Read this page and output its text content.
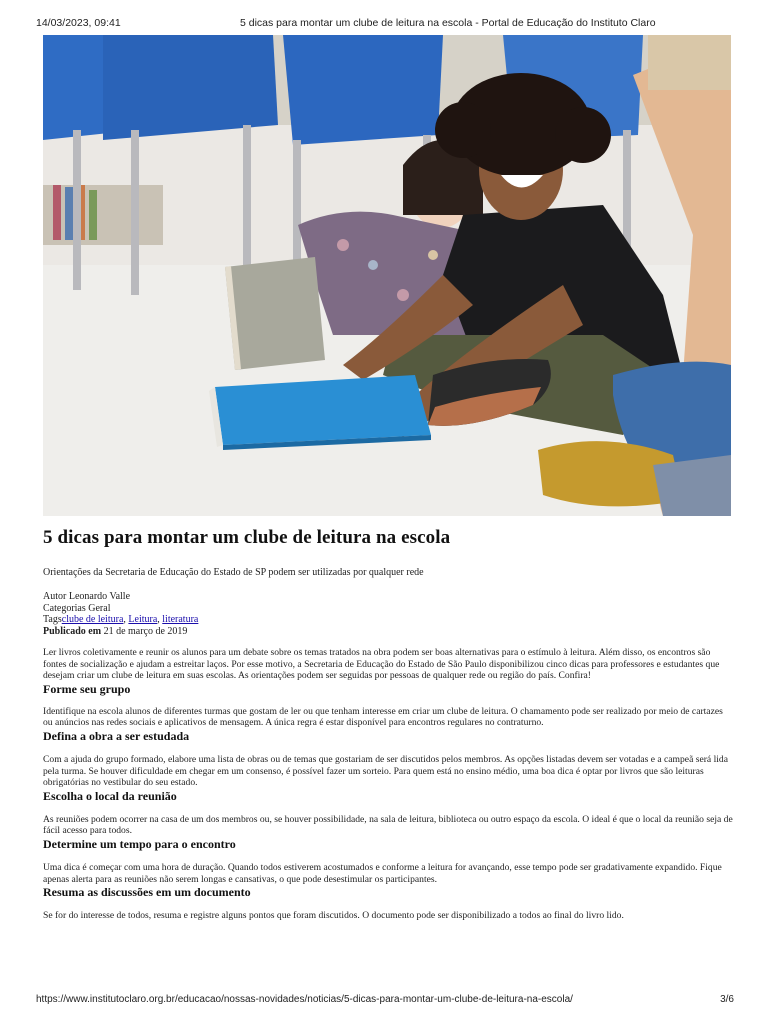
14/03/2023, 09:41	5 dicas para montar um clube de leitura na escola - Portal de Educação do Instituto Claro
5 dicas para montar um clube de leitura na escola
Orientações da Secretaria de Educação do Estado de SP podem ser utilizadas por qualquer rede
Autor Leonardo Valle
Categorias Geral
Tagsclube de leitura, Leitura, literatura
Publicado em 21 de março de 2019

Ler livros coletivamente e reunir os alunos para um debate sobre os temas tratados na obra podem ser boas alternativas para o estímulo à leitura. Além disso, os encontros são fontes de socialização e ajudam a estreitar laços. Por esse motivo, a Secretaria de Educação do Estado de São Paulo disponibilizou cinco dicas para professores e estudantes que desejam criar um clube de leitura em suas escolas. As orientações podem ser seguidas por pessoas de qualquer rede ou região do país. Confira!

Forme seu grupo

Identifique na escola alunos de diferentes turmas que gostam de ler ou que tenham interesse em criar um clube de leitura. O chamamento pode ser realizado por meio de cartazes ou anúncios nas redes sociais e aplicativos de mensagem. A única regra é estar disponível para encontros regulares no contraturno.

Defina a obra a ser estudada

Com a ajuda do grupo formado, elabore uma lista de obras ou de temas que gostariam de ser discutidos pelos membros. As opções listadas devem ser votadas e a campeã será lida pela turma. Se houver dificuldade em chegar em um consenso, é possível fazer um sorteio. Para quem está no ensino médio, uma boa dica é optar por livros que são leituras obrigatórias no vestibular do seu estado.

Escolha o local da reunião

As reuniões podem ocorrer na casa de um dos membros ou, se houver possibilidade, na sala de leitura, biblioteca ou outro espaço da escola. O ideal é que o local da reunião seja de fácil acesso para todos.

Determine um tempo para o encontro

Uma dica é começar com uma hora de duração. Quando todos estiverem acostumados e conforme a leitura for avançando, esse tempo pode ser gradativamente expandido. Fique apenas alerta para as reuniões não serem longas e cansativas, o que pode desestimular os participantes.

Resuma as discussões em um documento

Se for do interesse de todos, resuma e registre alguns pontos que foram discutidos. O documento pode ser disponibilizado a todos ao final do livro lido.

https://www.institutoclaro.org.br/educacao/nossas-novidades/noticias/5-dicas-para-montar-um-clube-de-leitura-na-escola/	3/6
